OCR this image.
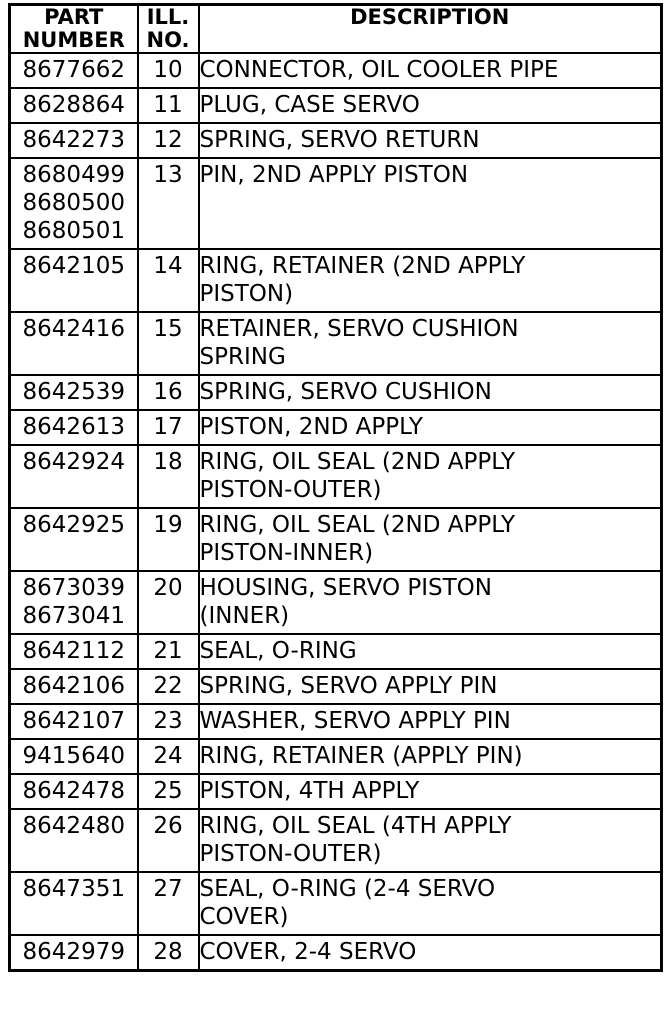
PART
NUMBER	ILL.
NO.	DESCRIPTION

8677662	10	CONNECTOR, OIL COOLER PIPE

8628864	11	PLUG, CASE SERVO

8642273	12	SPRING, SERVO RETURN

8680499
8680500
8680501	13	PIN, 2ND APPLY PISTON

8642105	14	RING, RETAINER (2ND APPLY
PISTON)

8642416	15	RETAINER, SERVO CUSHION
SPRING

8642539	16	SPRING, SERVO CUSHION

8642613	17	PISTON, 2ND APPLY

8642924	18	RING, OIL SEAL (2ND APPLY
PISTON-OUTER)

8642925	19	RING, OIL SEAL (2ND APPLY
PISTON-INNER)

8673039
8673041	20	HOUSING, SERVO PISTON
(INNER)

8642112	21	SEAL, O-RING

8642106	22	SPRING, SERVO APPLY PIN

8642107	23	WASHER, SERVO APPLY PIN

9415640	24	RING, RETAINER (APPLY PIN)

8642478	25	PISTON, 4TH APPLY

8642480	26	RING, OIL SEAL (4TH APPLY
PISTON-OUTER)

8647351	27	SEAL, O-RING (2-4 SERVO
COVER)

8642979	28	COVER, 2-4 SERVO
